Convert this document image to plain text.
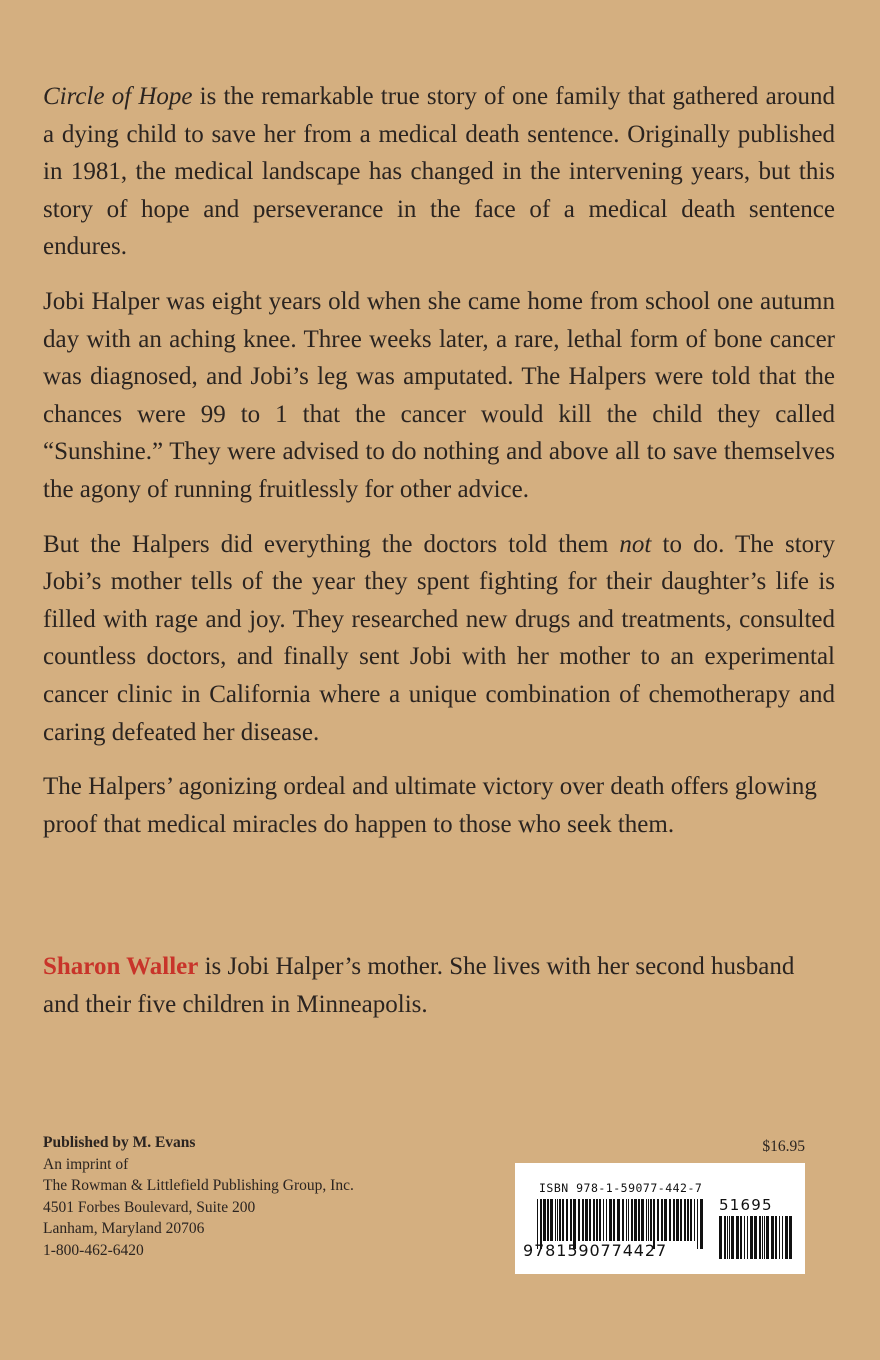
Circle of Hope is the remarkable true story of one family that gathered around a dying child to save her from a medical death sentence. Originally published in 1981, the medical landscape has changed in the intervening years, but this story of hope and perseverance in the face of a medical death sentence endures.

Jobi Halper was eight years old when she came home from school one autumn day with an aching knee. Three weeks later, a rare, lethal form of bone cancer was diagnosed, and Jobi’s leg was amputated. The Halpers were told that the chances were 99 to 1 that the cancer would kill the child they called “Sunshine.” They were advised to do nothing and above all to save themselves the agony of running fruitlessly for other advice.

But the Halpers did everything the doctors told them not to do. The story Jobi’s mother tells of the year they spent fighting for their daughter’s life is filled with rage and joy. They researched new drugs and treatments, consulted countless doctors, and finally sent Jobi with her mother to an experimental cancer clinic in California where a unique combination of chemotherapy and caring defeated her disease.

The Halpers’ agonizing ordeal and ultimate victory over death offers glowing proof that medical miracles do happen to those who seek them.

Sharon Waller is Jobi Halper’s mother. She lives with her second husband and their five children in Minneapolis.
Published by M. Evans
An imprint of
The Rowman & Littlefield Publishing Group, Inc.
4501 Forbes Boulevard, Suite 200
Lanham, Maryland 20706
1-800-462-6420
$16.95
ISBN 978-1-59077-442-7
9781590774427
51695
